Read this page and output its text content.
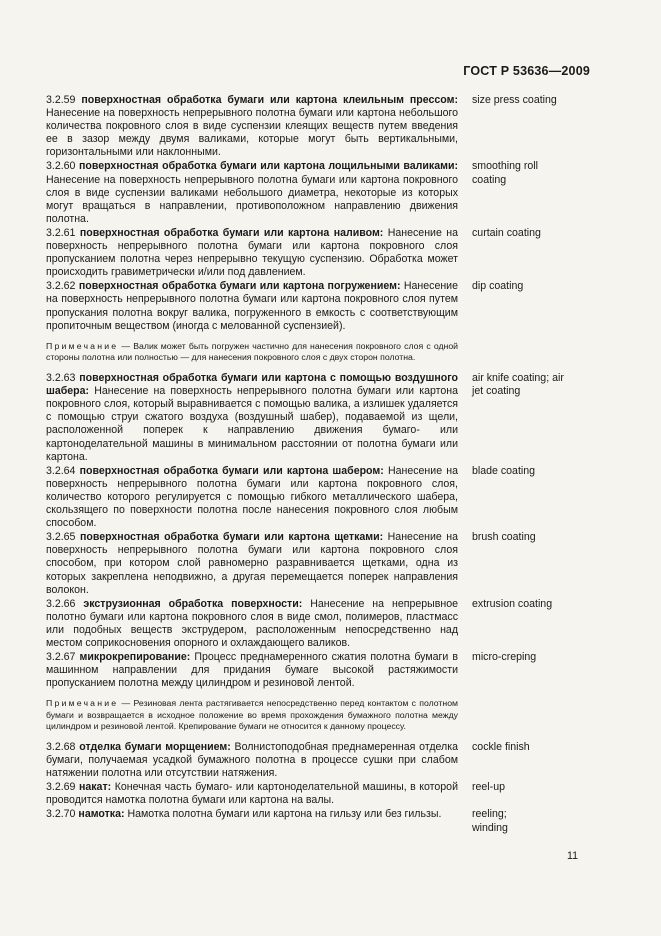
ГОСТ Р 53636—2009
3.2.59 поверхностная обработка бумаги или картона клеильным прессом: Нанесение на поверхность непрерывного полотна бумаги или картона небольшого количества покровного слоя в виде суспензии клеящих веществ путем введения ее в зазор между двумя валиками, которые могут быть вертикальными, горизонтальными или наклонными.
size press coating
3.2.60 поверхностная обработка бумаги или картона лощильными валиками: Нанесение на поверхность непрерывного полотна бумаги или картона покровного слоя в виде суспензии валиками небольшого диаметра, некоторые из которых могут вращаться в направлении, противоположном направлению движения полотна.
smoothing roll coating
3.2.61 поверхностная обработка бумаги или картона наливом: Нанесение на поверхность непрерывного полотна бумаги или картона покровного слоя пропусканием полотна через непрерывно текущую суспензию. Обработка может происходить гравиметрически и/или под давлением.
curtain coating
3.2.62 поверхностная обработка бумаги или картона погружением: Нанесение на поверхность непрерывного полотна бумаги или картона покровного слоя путем пропускания полотна вокруг валика, погруженного в емкость с соответствующим пропиточным веществом (иногда с мелованной суспензией).
dip coating
Примечание — Валик может быть погружен частично для нанесения покровного слоя с одной стороны полотна или полностью — для нанесения покровного слоя с двух сторон полотна.
3.2.63 поверхностная обработка бумаги или картона с помощью воздушного шабера: Нанесение на поверхность непрерывного полотна бумаги или картона покровного слоя, который выравнивается с помощью валика, а излишек удаляется с помощью струи сжатого воздуха (воздушный шабер), подаваемой из щели, расположенной поперек к направлению движения бумаго- или картоноделательной машины в минимальном расстоянии от полотна бумаги или картона.
air knife coating; air jet coating
3.2.64 поверхностная обработка бумаги или картона шабером: Нанесение на поверхность непрерывного полотна бумаги или картона покровного слоя, количество которого регулируется с помощью гибкого металлического шабера, скользящего по поверхности полотна после нанесения покровного слоя любым способом.
blade coating
3.2.65 поверхностная обработка бумаги или картона щетками: Нанесение на поверхность непрерывного полотна бумаги или картона покровного слоя способом, при котором слой равномерно разравнивается щетками, одна из которых закреплена неподвижно, а другая перемещается поперек направления волокон.
brush coating
3.2.66 экструзионная обработка поверхности: Нанесение на непрерывное полотно бумаги или картона покровного слоя в виде смол, полимеров, пластмасс или подобных веществ экструдером, расположенным непосредственно над местом соприкосновения опорного и охлаждающего валиков.
extrusion coating
3.2.67 микрокрепирование: Процесс преднамеренного сжатия полотна бумаги в машинном направлении для придания бумаге высокой растяжимости пропусканием полотна между цилиндром и резиновой лентой.
micro-creping
Примечание — Резиновая лента растягивается непосредственно перед контактом с полотном бумаги и возвращается в исходное положение во время прохождения бумажного полотна между цилиндром и резиновой лентой. Крепирование бумаги не относится к данному процессу.
3.2.68 отделка бумаги морщением: Волнистоподобная преднамеренная отделка бумаги, получаемая усадкой бумажного полотна в процессе сушки при слабом натяжении полотна или отсутствии натяжения.
cockle finish
3.2.69 накат: Конечная часть бумаго- или картоноделательной машины, в которой проводится намотка полотна бумаги или картона на валы.
reel-up
3.2.70 намотка: Намотка полотна бумаги или картона на гильзу или без гильзы.	reeling; winding
11
